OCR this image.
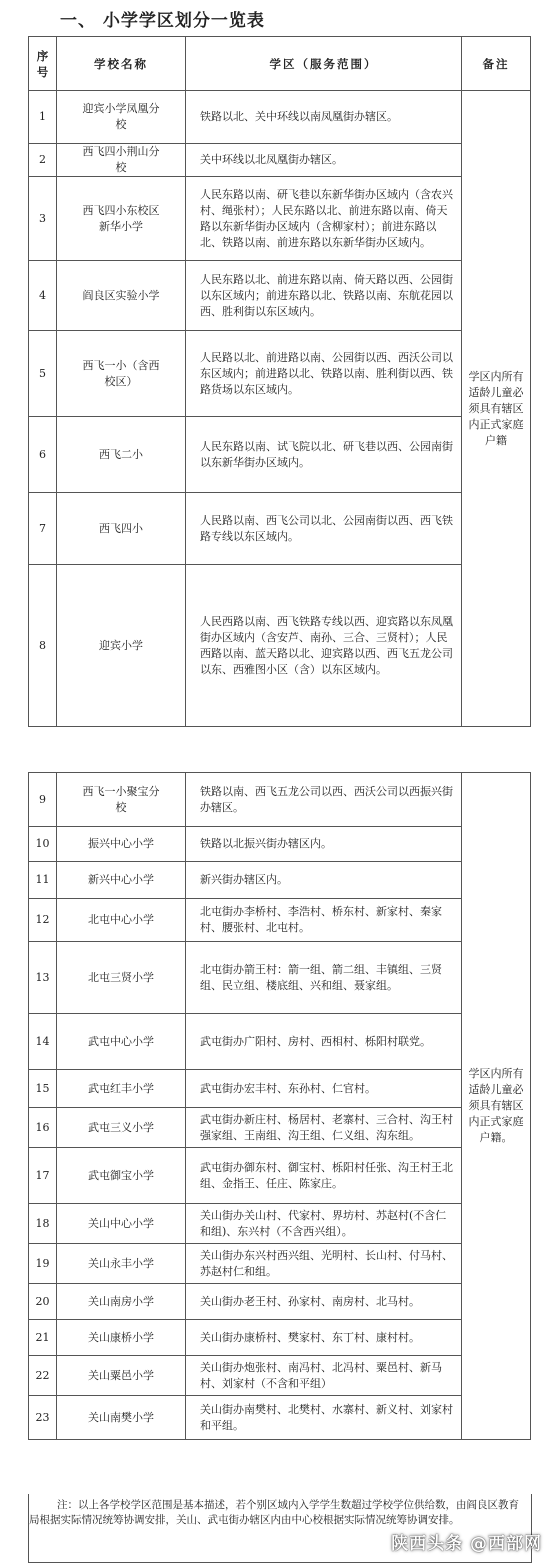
一、 小学学区划分一览表
序号	学校名称	学区（服务范围）	备注
1	迎宾小学凤凰分校	铁路以北、关中环线以南凤凰街办辖区。	学区内所有适龄儿童必须具有辖区内正式家庭户籍
2	西飞四小荆山分校	关中环线以北凤凰街办辖区。	
3	西飞四小东校区新华小学	人民东路以南、研飞巷以东新华街办区域内（含农兴村、绳张村）；人民东路以北、前进东路以南、倚天路以东新华街办区域内（含柳家村）；前进东路以北、铁路以南、前进东路以东新华街办区域内。	
4	阎良区实验小学	人民东路以北、前进东路以南、倚天路以西、公园街以东区域内；前进东路以北、铁路以南、东航花园以西、胜利街以东区域内。	
5	西飞一小（含西校区）	人民路以北、前进路以南、公园街以西、西沃公司以东区域内；前进路以北、铁路以南、胜利街以西、铁路货场以东区域内。	
6	西飞二小	人民东路以南、试飞院以北、研飞巷以西、公园南街以东新华街办区域内。	
7	西飞四小	人民路以南、西飞公司以北、公园南街以西、西飞铁路专线以东区域内。	
8	迎宾小学	人民西路以南、西飞铁路专线以西、迎宾路以东凤凰街办区域内（含安芦、南孙、三合、三贤村）；人民西路以南、蓝天路以北、迎宾路以西、西飞五龙公司以东、西雅图小区（含）以东区域内。	
9	西飞一小聚宝分校	铁路以南、西飞五龙公司以西、西沃公司以西振兴街办辖区。	学区内所有适龄儿童必须具有辖区内正式家庭户籍。
10	振兴中心小学	铁路以北振兴街办辖区内。	
11	新兴中心小学	新兴街办辖区内。	
12	北屯中心小学	北屯街办李桥村、李浩村、桥东村、新家村、秦家村、腰张村、北屯村。	
13	北屯三贤小学	北屯街办箭王村：箭一组、箭二组、丰镇组、三贤组、民立组、楼底组、兴和组、聂家组。	
14	武屯中心小学	武屯街办广阳村、房村、西相村、栎阳村联党。	
15	武屯红丰小学	武屯街办宏丰村、东孙村、仁官村。	
16	武屯三义小学	武屯街办新庄村、杨居村、老寨村、三合村、沟王村强家组、王南组、沟王组、仁义组、沟东组。	
17	武屯御宝小学	武屯街办御东村、御宝村、栎阳村任张、沟王村王北组、金指王、任庄、陈家庄。	
18	关山中心小学	关山街办关山村、代家村、界坊村、苏赵村(不含仁和组)、东兴村（不含西兴组）。	
19	关山永丰小学	关山街办东兴村西兴组、光明村、长山村、付马村、苏赵村仁和组。	
20	关山南房小学	关山街办老王村、孙家村、南房村、北马村。	
21	关山康桥小学	关山街办康桥村、樊家村、东丁村、康村村。	
22	关山粟邑小学	关山街办炮张村、南冯村、北冯村、粟邑村、新马村、刘家村（不含和平组）	
23	关山南樊小学	关山街办南樊村、北樊村、水寨村、新义村、刘家村和平组。	
注：以上各学校学区范围是基本描述，若个别区域内入学学生数超过学校学位供给数，由阎良区教育局根据实际情况统筹协调安排，关山、武屯街办辖区内由中心校根据实际情况统筹协调安排。
陕西头条 @西部网
